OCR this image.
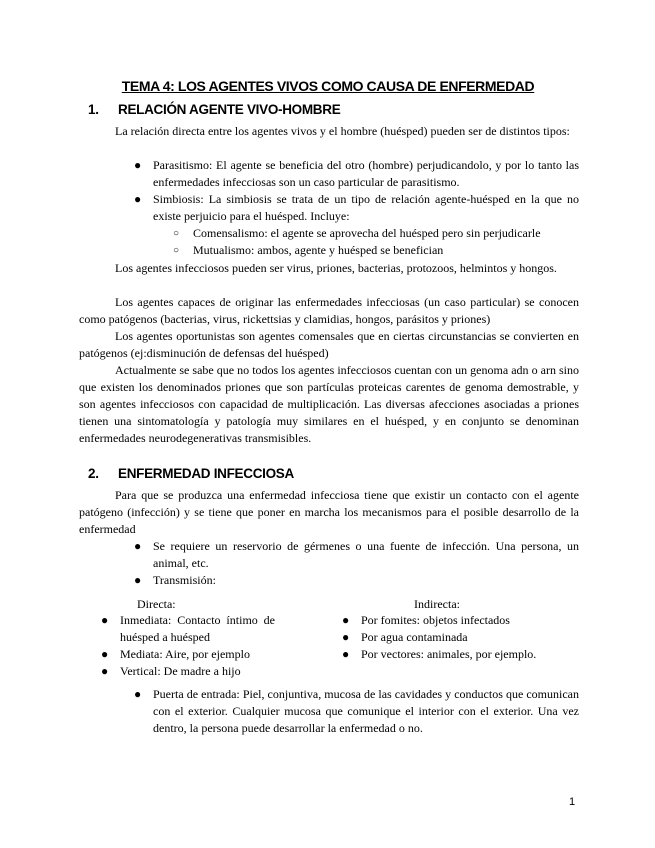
TEMA 4: LOS AGENTES VIVOS COMO CAUSA DE ENFERMEDAD
1. RELACIÓN AGENTE VIVO-HOMBRE

La relación directa entre los agentes vivos y el hombre (huésped) pueden ser de distintos tipos:

● Parasitismo: El agente se beneficia del otro (hombre) perjudicandolo, y por lo tanto las enfermedades infecciosas son un caso particular de parasitismo.
● Simbiosis: La simbiosis se trata de un tipo de relación agente-huésped en la que no existe perjuicio para el huésped. Incluye:
○ Comensalismo: el agente se aprovecha del huésped pero sin perjudicarle
○ Mutualismo: ambos, agente y huésped se benefician

Los agentes infecciosos pueden ser virus, priones, bacterias, protozoos, helmintos y hongos.

Los agentes capaces de originar las enfermedades infecciosas (un caso particular) se conocen como patógenos (bacterias, virus, rickettsias y clamidias, hongos, parásitos y priones)

Los agentes oportunistas son agentes comensales que en ciertas circunstancias se convierten en patógenos (ej:disminución de defensas del huésped)

Actualmente se sabe que no todos los agentes infecciosos cuentan con un genoma adn o arn sino que existen los denominados priones que son partículas proteicas carentes de genoma demostrable, y son agentes infecciosos con capacidad de multiplicación. Las diversas afecciones asociadas a priones tienen una sintomatología y patología muy similares en el huésped, y en conjunto se denominan enfermedades neurodegenerativas transmisibles.

2. ENFERMEDAD INFECCIOSA

Para que se produzca una enfermedad infecciosa tiene que existir un contacto con el agente patógeno (infección) y se tiene que poner en marcha los mecanismos para el posible desarrollo de la enfermedad

● Se requiere un reservorio de gérmenes o una fuente de infección. Una persona, un animal, etc.
● Transmisión:
Directa:	Indirecta:
● Inmediata: Contacto íntimo de huésped a huésped
● Mediata: Aire, por ejemplo
● Vertical: De madre a hijo
● Por fomites: objetos infectados
● Por agua contaminada
● Por vectores: animales, por ejemplo.
● Puerta de entrada: Piel, conjuntiva, mucosa de las cavidades y conductos que comunican con el exterior. Cualquier mucosa que comunique el interior con el exterior. Una vez dentro, la persona puede desarrollar la enfermedad o no.
1
